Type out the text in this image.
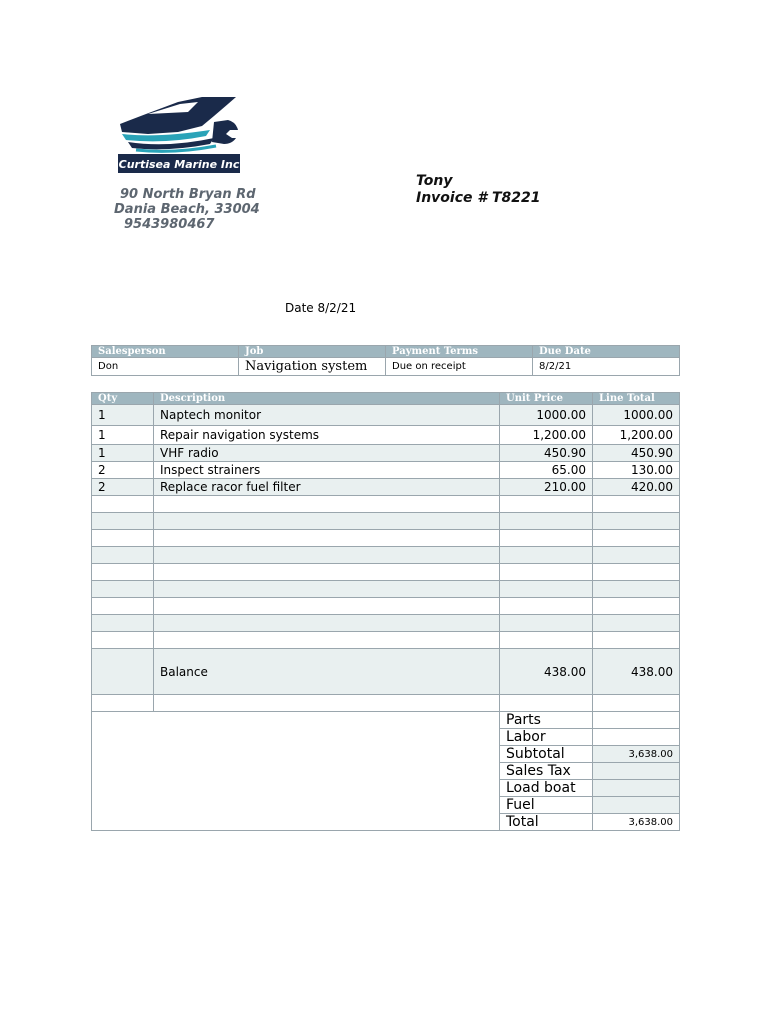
Curtisea Marine Inc
90 North Bryan Rd
Dania Beach, 33004
9543980467
Tony
Invoice # T8221
Date 8/2/21
Salesperson	Job	Payment Terms	Due Date
Don	Navigation system	Due on receipt	8/2/21
Qty	Description	Unit Price	Line Total
1	Naptech monitor	1000.00	1000.00
1	Repair navigation systems	1,200.00	1,200.00
1	VHF radio	450.90	450.90
2	Inspect strainers	65.00	130.00
2	Replace racor fuel filter	210.00	420.00

	Balance	438.00	438.00

		Parts	
		Labor	
		Subtotal	3,638.00
		Sales Tax	
		Load boat	
		Fuel	
		Total	3,638.00
